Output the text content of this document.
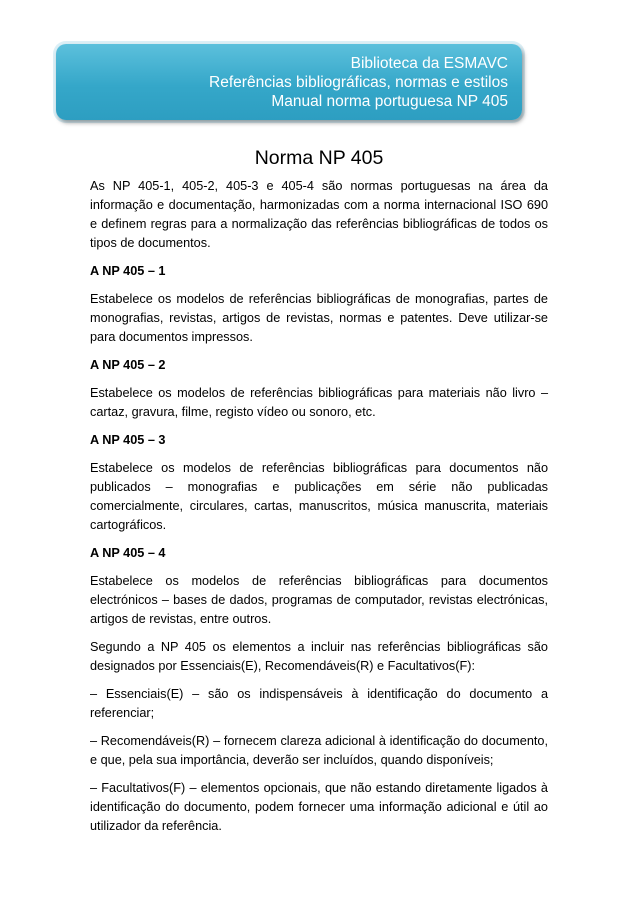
Biblioteca da ESMAVC
Referências bibliográficas, normas e estilos
Manual norma portuguesa NP 405
Norma NP 405

As NP 405-1, 405-2, 405-3 e 405-4 são normas portuguesas na área da informação e documentação, harmonizadas com a norma internacional ISO 690 e definem regras para a normalização das referências bibliográficas de todos os tipos de documentos.

A NP 405 – 1

Estabelece os modelos de referências bibliográficas de monografias, partes de monografias, revistas, artigos de revistas, normas e patentes. Deve utilizar-se para documentos impressos.

A NP 405 – 2

Estabelece os modelos de referências bibliográficas para materiais não livro – cartaz, gravura, filme, registo vídeo ou sonoro, etc.

A NP 405 – 3

Estabelece os modelos de referências bibliográficas para documentos não publicados – monografias e publicações em série não publicadas comercialmente, circulares, cartas, manuscritos, música manuscrita, materiais cartográficos.

A NP 405 – 4

Estabelece os modelos de referências bibliográficas para documentos electrónicos – bases de dados, programas de computador, revistas electrónicas, artigos de revistas, entre outros.

Segundo a NP 405 os elementos a incluir nas referências bibliográficas são designados por Essenciais(E), Recomendáveis(R) e Facultativos(F):

– Essenciais(E) – são os indispensáveis à identificação do documento a referenciar;

– Recomendáveis(R) – fornecem clareza adicional à identificação do documento, e que, pela sua importância, deverão ser incluídos, quando disponíveis;

– Facultativos(F) – elementos opcionais, que não estando diretamente ligados à identificação do documento, podem fornecer uma informação adicional e útil ao utilizador da referência.
